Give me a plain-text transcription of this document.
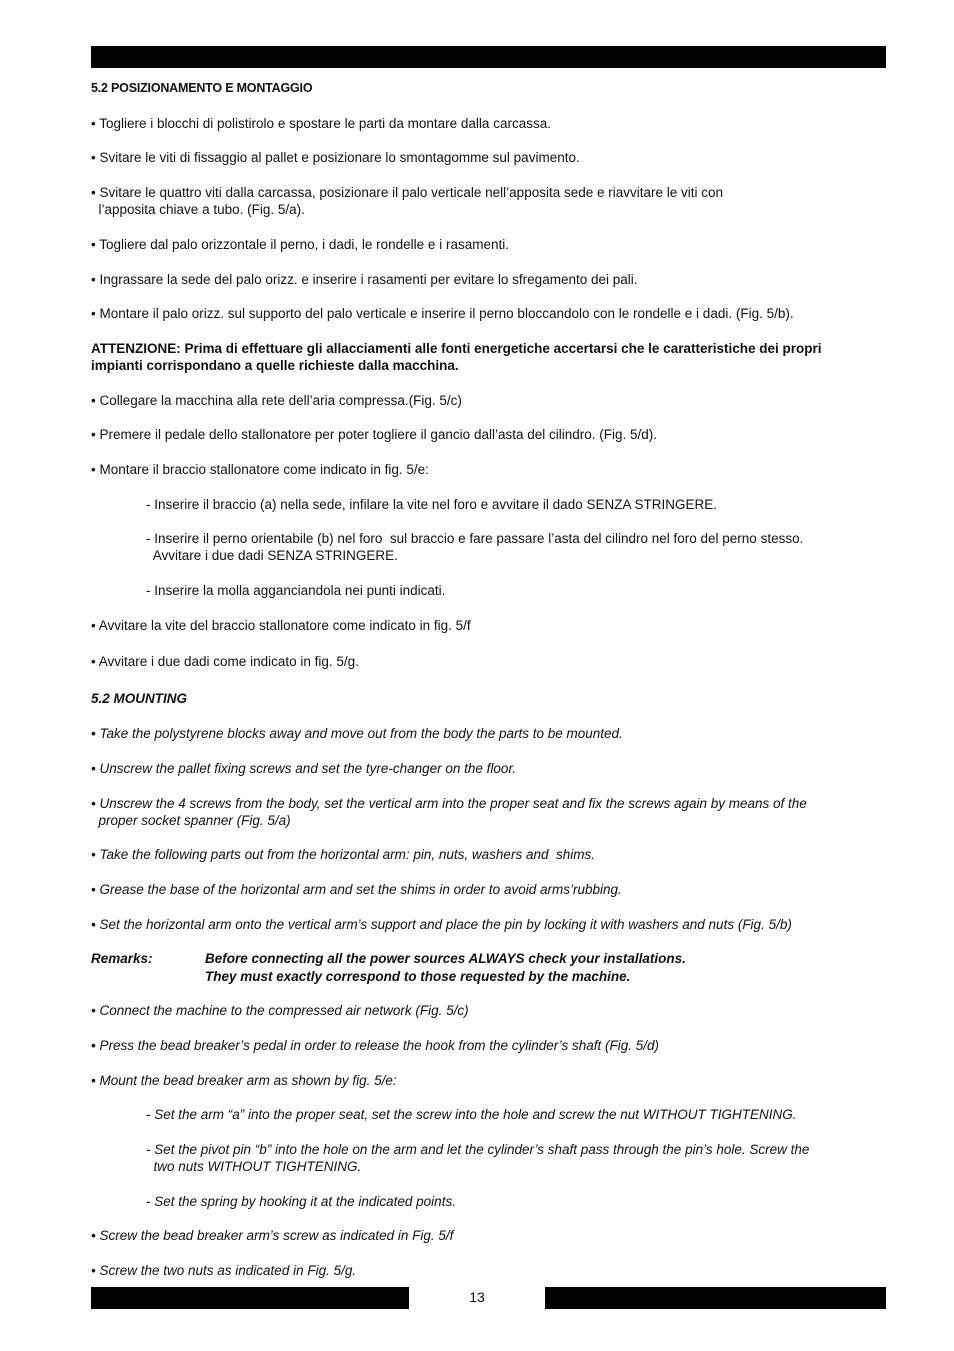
5.2 POSIZIONAMENTO E MONTAGGIO
• Togliere i blocchi di polistirolo e spostare le parti da montare dalla carcassa.
• Svitare le viti di fissaggio al pallet e posizionare lo smontagomme sul pavimento.
• Svitare le quattro viti dalla carcassa, posizionare il palo verticale nell’apposita sede e riavvitare le viti con
l’apposita chiave a tubo. (Fig. 5/a).
• Togliere dal palo orizzontale il perno, i dadi, le rondelle e i rasamenti.
• Ingrassare la sede del palo orizz. e inserire i rasamenti per evitare lo sfregamento dei pali.
• Montare il palo orizz. sul supporto del palo verticale e inserire il perno bloccandolo con le rondelle e i dadi. (Fig. 5/b).
ATTENZIONE: Prima di effettuare gli allacciamenti alle fonti energetiche accertarsi che le caratteristiche dei propri
impianti corrispondano a quelle richieste dalla macchina.
• Collegare la macchina alla rete dell’aria compressa.(Fig. 5/c)
• Premere il pedale dello stallonatore per poter togliere il gancio dall’asta del cilindro. (Fig. 5/d).
• Montare il braccio stallonatore come indicato in fig. 5/e:
- Inserire il braccio (a) nella sede, infilare la vite nel foro e avvitare il dado SENZA STRINGERE.
- Inserire il perno orientabile (b) nel foro  sul braccio e fare passare l’asta del cilindro nel foro del perno stesso.
Avvitare i due dadi SENZA STRINGERE.
- Inserire la molla agganciandola nei punti indicati.
• Avvitare la vite del braccio stallonatore come indicato in fig. 5/f
• Avvitare i due dadi come indicato in fig. 5/g.
5.2 MOUNTING
• Take the polystyrene blocks away and move out from the body the parts to be mounted.
• Unscrew the pallet fixing screws and set the tyre-changer on the floor.
• Unscrew the 4 screws from the body, set the vertical arm into the proper seat and fix the screws again by means of the
proper socket spanner (Fig. 5/a)
• Take the following parts out from the horizontal arm: pin, nuts, washers and  shims.
• Grease the base of the horizontal arm and set the shims in order to avoid arms’rubbing.
• Set the horizontal arm onto the vertical arm’s support and place the pin by locking it with washers and nuts (Fig. 5/b)
Remarks:	Before connecting all the power sources ALWAYS check your installations.
They must exactly correspond to those requested by the machine.
• Connect the machine to the compressed air network (Fig. 5/c)
• Press the bead breaker’s pedal in order to release the hook from the cylinder’s shaft (Fig. 5/d)
• Mount the bead breaker arm as shown by fig. 5/e:
- Set the arm “a” into the proper seat, set the screw into the hole and screw the nut WITHOUT TIGHTENING.
- Set the pivot pin “b” into the hole on the arm and let the cylinder’s shaft pass through the pin’s hole. Screw the
two nuts WITHOUT TIGHTENING.
- Set the spring by hooking it at the indicated points.
• Screw the bead breaker arm’s screw as indicated in Fig. 5/f
• Screw the two nuts as indicated in Fig. 5/g.
13
